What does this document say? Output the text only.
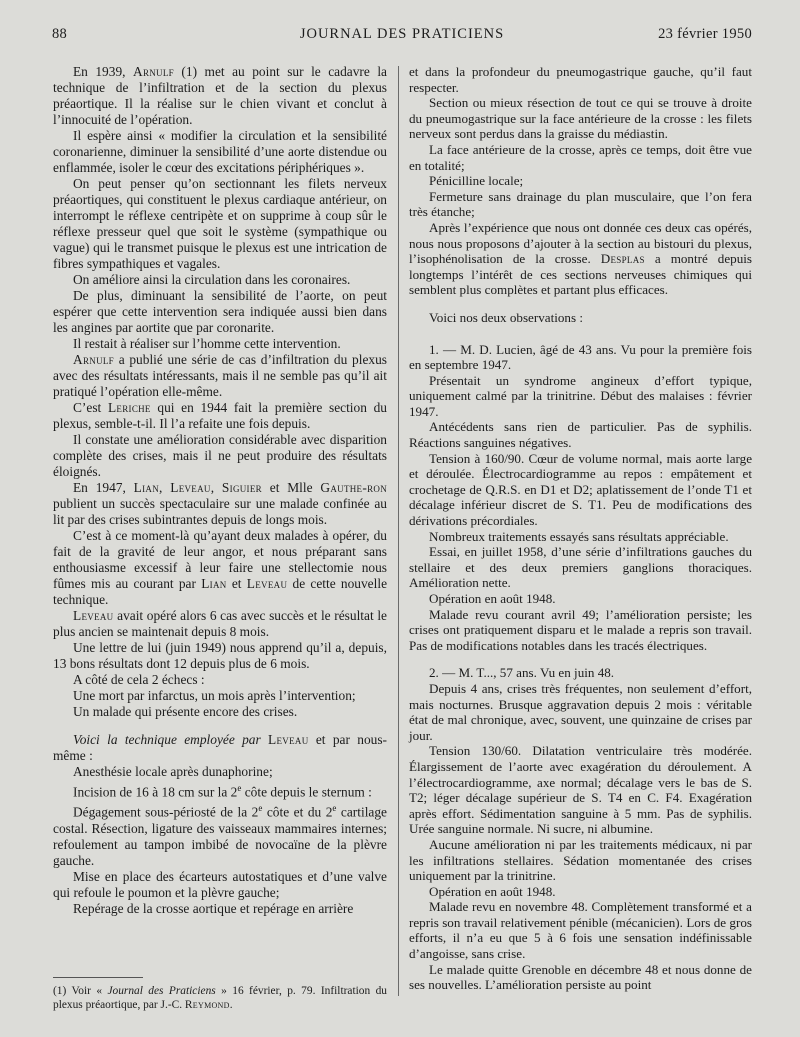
88	JOURNAL DES PRATICIENS	23 février 1950

En 1939, Arnulf (1) met au point sur le cadavre la technique de l’infiltration et de la section du plexus préaortique. Il la réalise sur le chien vivant et conclut à l’innocuité de l’opération.

Il espère ainsi « modifier la circulation et la sensibilité coronarienne, diminuer la sensibilité d’une aorte distendue ou enflammée, isoler le cœur des excitations périphériques ».

On peut penser qu’on sectionnant les filets nerveux préaortiques, qui constituent le plexus cardiaque antérieur, on interrompt le réflexe centripète et on supprime à coup sûr le réflexe presseur quel que soit le système (sympathique ou vague) qui le transmet puisque le plexus est une intrication de fibres sympathiques et vagales.

On améliore ainsi la circulation dans les coronaires.

De plus, diminuant la sensibilité de l’aorte, on peut espérer que cette intervention sera indiquée aussi bien dans les angines par aortite que par coronarite.

Il restait à réaliser sur l’homme cette intervention.

Arnulf a publié une série de cas d’infiltration du plexus avec des résultats intéressants, mais il ne semble pas qu’il ait pratiqué l’opération elle-même.

C’est Leriche qui en 1944 fait la première section du plexus, semble-t-il. Il l’a refaite une fois depuis.

Il constate une amélioration considérable avec disparition complète des crises, mais il ne peut produire des résultats éloignés.

En 1947, Lian, Leveau, Siguier et Mlle Gauthe-ron publient un succès spectaculaire sur une malade confinée au lit par des crises subintrantes depuis de longs mois.

C’est à ce moment-là qu’ayant deux malades à opérer, du fait de la gravité de leur angor, et nous préparant sans enthousiasme excessif à leur faire une stellectomie nous fûmes mis au courant par Lian et Leveau de cette nouvelle technique.

Leveau avait opéré alors 6 cas avec succès et le résultat le plus ancien se maintenait depuis 8 mois.

Une lettre de lui (juin 1949) nous apprend qu’il a, depuis, 13 bons résultats dont 12 depuis plus de 6 mois.

A côté de cela 2 échecs :

Une mort par infarctus, un mois après l’intervention;

Un malade qui présente encore des crises.

Voici la technique employée par Leveau et par nous-même :

Anesthésie locale après dunaphorine;

Incision de 16 à 18 cm sur la 2e côte depuis le sternum :

Dégagement sous-périosté de la 2e côte et du 2e cartilage costal. Résection, ligature des vaisseaux mammaires internes; refoulement au tampon imbibé de novocaïne de la plèvre gauche.

Mise en place des écarteurs autostatiques et d’une valve qui refoule le poumon et la plèvre gauche;

Repérage de la crosse aortique et repérage en arrière

(1) Voir « Journal des Praticiens » 16 février, p. 79. Infiltration du plexus préaortique, par J.-C. Reymond.

et dans la profondeur du pneumogastrique gauche, qu’il faut respecter.

Section ou mieux résection de tout ce qui se trouve à droite du pneumogastrique sur la face antérieure de la crosse : les filets nerveux sont perdus dans la graisse du médiastin.

La face antérieure de la crosse, après ce temps, doit être vue en totalité;

Pénicilline locale;

Fermeture sans drainage du plan musculaire, que l’on fera très étanche;

Après l’expérience que nous ont donnée ces deux cas opérés, nous nous proposons d’ajouter à la section au bistouri du plexus, l’isophénolisation de la crosse. Desplas a montré depuis longtemps l’intérêt de ces sections nerveuses chimiques qui semblent plus complètes et partant plus efficaces.

Voici nos deux observations :

1. — M. D. Lucien, âgé de 43 ans. Vu pour la première fois en septembre 1947.

Présentait un syndrome angineux d’effort typique, uniquement calmé par la trinitrine. Début des malaises : février 1947.

Antécédents sans rien de particulier. Pas de syphilis. Réactions sanguines négatives.

Tension à 160/90. Cœur de volume normal, mais aorte large et déroulée. Électrocardiogramme au repos : empâtement et crochetage de Q.R.S. en D1 et D2; aplatissement de l’onde T1 et décalage inférieur discret de S. T1. Peu de modifications des dérivations précordiales.

Nombreux traitements essayés sans résultats appréciable.

Essai, en juillet 1958, d’une série d’infiltrations gauches du stellaire et des deux premiers ganglions thoraciques. Amélioration nette.

Opération en août 1948.

Malade revu courant avril 49; l’amélioration persiste; les crises ont pratiquement disparu et le malade a repris son travail. Pas de modifications notables dans les tracés électriques.

2. — M. T..., 57 ans. Vu en juin 48.

Depuis 4 ans, crises très fréquentes, non seulement d’effort, mais nocturnes. Brusque aggravation depuis 2 mois : véritable état de mal chronique, avec, souvent, une quinzaine de crises par jour.

Tension 130/60. Dilatation ventriculaire très modérée. Élargissement de l’aorte avec exagération du déroulement. A l’électrocardiogramme, axe normal; décalage vers le bas de S. T2; léger décalage supérieur de S. T4 en C. F4. Exagération après effort. Sédimentation sanguine à 5 mm. Pas de syphilis. Urée sanguine normale. Ni sucre, ni albumine.

Aucune amélioration ni par les traitements médicaux, ni par les infiltrations stellaires. Sédation momentanée des crises uniquement par la trinitrine.

Opération en août 1948.

Malade revu en novembre 48. Complètement transformé et a repris son travail relativement pénible (mécanicien). Lors de gros efforts, il n’a eu que 5 à 6 fois une sensation indéfinissable d’angoisse, sans crise.

Le malade quitte Grenoble en décembre 48 et nous donne de ses nouvelles. L’amélioration persiste au point
